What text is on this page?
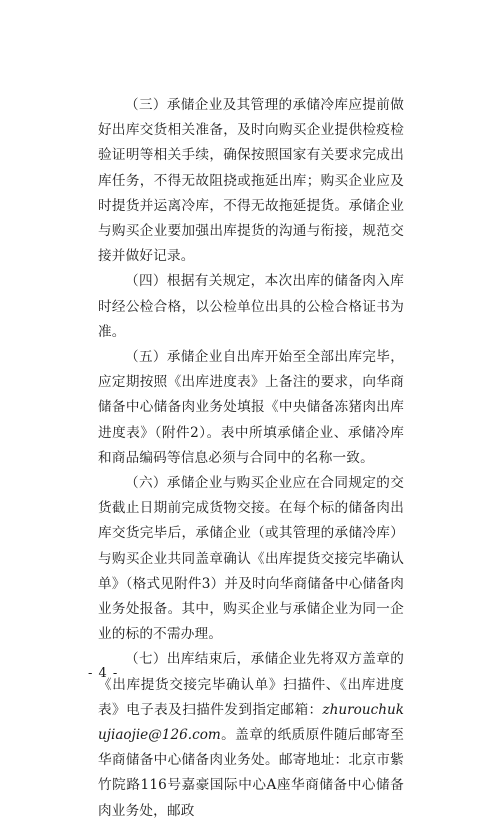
（三）承储企业及其管理的承储冷库应提前做好出库交货相关准备，及时向购买企业提供检疫检验证明等相关手续，确保按照国家有关要求完成出库任务，不得无故阻挠或拖延出库；购买企业应及时提货并运离冷库，不得无故拖延提货。承储企业与购买企业要加强出库提货的沟通与衔接，规范交接并做好记录。

（四）根据有关规定，本次出库的储备肉入库时经公检合格，以公检单位出具的公检合格证书为准。

（五）承储企业自出库开始至全部出库完毕，应定期按照《出库进度表》上备注的要求，向华商储备中心储备肉业务处填报《中央储备冻猪肉出库进度表》（附件2）。表中所填承储企业、承储冷库和商品编码等信息必须与合同中的名称一致。

（六）承储企业与购买企业应在合同规定的交货截止日期前完成货物交接。在每个标的储备肉出库交货完毕后，承储企业（或其管理的承储冷库）与购买企业共同盖章确认《出库提货交接完毕确认单》（格式见附件3）并及时向华商储备中心储备肉业务处报备。其中，购买企业与承储企业为同一企业的标的不需办理。

（七）出库结束后，承储企业先将双方盖章的《出库提货交接完毕确认单》扫描件、《出库进度表》电子表及扫描件发到指定邮箱：zhurouchukujiaojie@126.com。盖章的纸质原件随后邮寄至华商储备中心储备肉业务处。邮寄地址：北京市紫竹院路116号嘉豪国际中心A座华商储备中心储备肉业务处，邮政

- 4 -
